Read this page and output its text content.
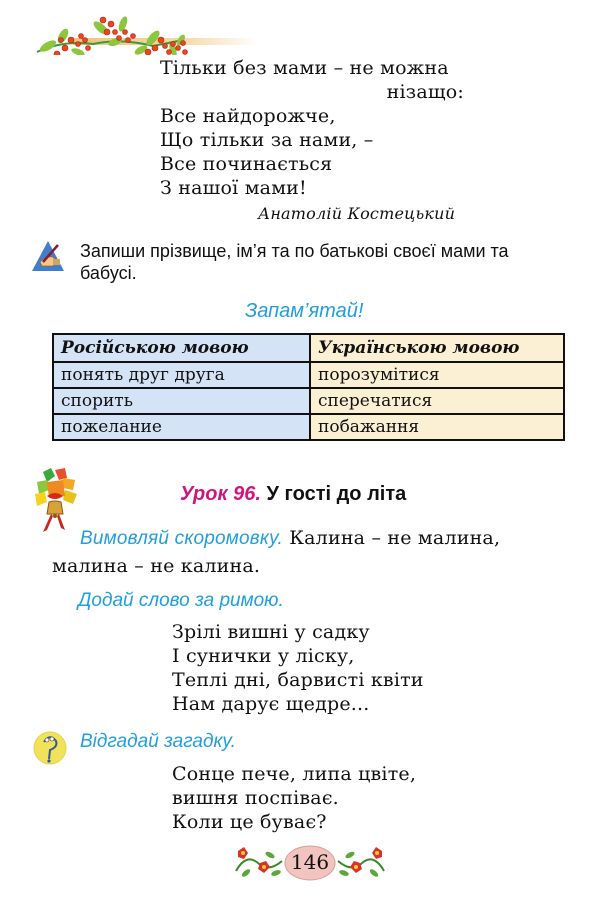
Тільки без мами – не можна
нізащо:
Все найдорожче,
Що тільки за нами, –
Все починається
З нашої мами!
Анатолій Костецький
Запиши прізвище, ім’я та по батькові своєї мами та
бабусі.
Запам’ятай!
Російською мовою	Українською мовою
понять друг друга	порозумітися
спорить	сперечатися
пожелание	побажання
Урок 96. У гості до літа
Вимовляй скоромовку. Калина – не малина,
малина – не калина.
Додай слово за римою.
Зрілі вишні у садку
І сунички у ліску,
Теплі дні, барвисті квіти
Нам дарує щедре...
Відгадай загадку.
Сонце пече, липа цвіте,
вишня поспіває.
Коли це буває?
146
